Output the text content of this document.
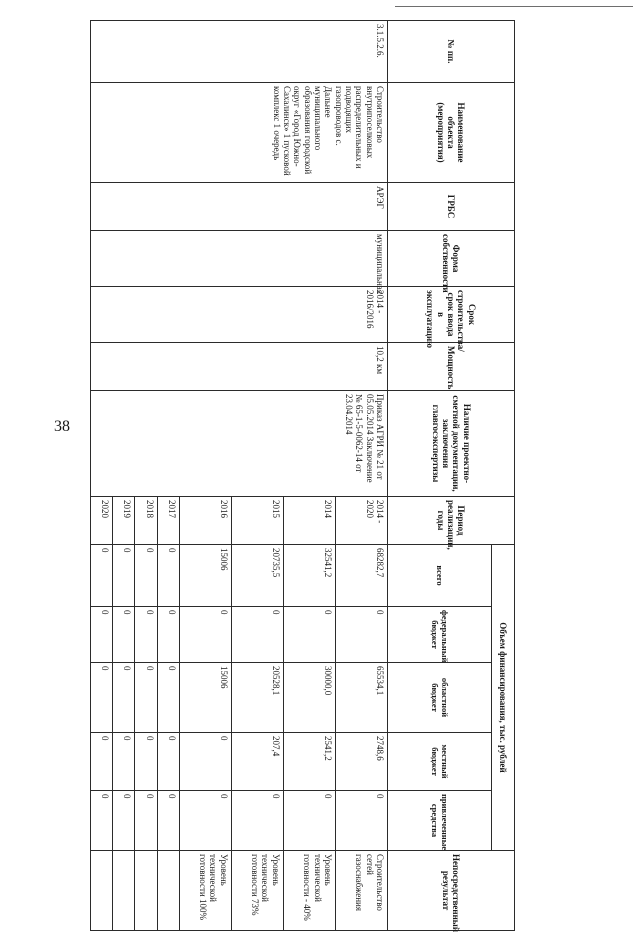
38
№ пп.	Наименование объекта (мероприятия)	ГРБС	Форма собственности	Срок строительства/срок ввода в эксплуатацию	Мощность	Наличие проектно-сметной документации, заключения главгосэкспертизы	Период реализации, годы	Объем финансирования, тыс. рублей					Непосредственный результат
								всего	федеральный бюджет	областной бюджет	местный бюджет	привлеченные средства	
3.1.5.2.6.	Строительство внутрипоселковых распределительных и подводящих газопроводов с. Дальнее муниципального образования городской округ «Город Южно-Сахалинск» 1 пусковой комплекс 1 очередь	АРЭГ	муниципальная	2014 - 2016/2016	10,2 км	Приказ АГРИ № 21 от 05.05.2014 Заключение № 65-1-5-0062-14 от 23.04.2014	2014 - 2020	68282,7	0	65534,1	2748,6	0	Строительство сетей газоснабжения
							2014	32541,2	0	30000,0	2541,2	0	Уровень технической готовности - 40%
							2015	20735,5	0	20528,1	207,4	0	Уровень технической готовности 73%
							2016	15006	0	15006	0	0	Уровень технической готовности 100%
							2017	0	0	0	0	0	
							2018	0	0	0	0	0	
							2019	0	0	0	0	0	
							2020	0	0	0	0	0	
